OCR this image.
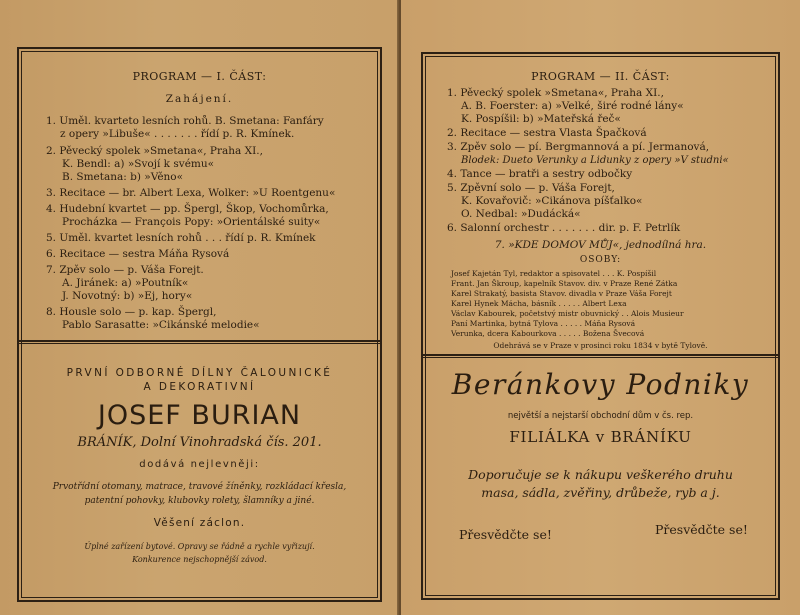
PROGRAM — I. ČÁST:
Zahájení.
1. Uměl. kvarteto lesních rohů. B. Smetana: Fanfáry
z opery »Libuše« . . . . . . . řídí p. R. Kmínek.
2. Pěvecký spolek »Smetana«, Praha XI.,
K. Bendl: a) »Svojí k svému«
B. Smetana: b) »Věno«
3. Recitace — br. Albert Lexa, Wolker: »U Roentgenu«
4. Hudební kvartet — pp. Špergl, Škop, Vochomůrka,
Procházka — François Popy: »Orientálské suity«
5. Uměl. kvartet lesních rohů . . . řídí p. R. Kmínek
6. Recitace — sestra Máňa Rysová
7. Zpěv solo — p. Váša Forejt.
A. Jiránek: a) »Poutník«
J. Novotný: b) »Ej, hory«
8. Housle solo — p. kap. Špergl,
Pablo Sarasatte: »Cikánské melodie«
PRVNÍ ODBORNÉ DÍLNY ČALOUNICKÉ
A DEKORATIVNÍ
JOSEF BURIAN
BRÁNÍK, Dolní Vinohradská čís. 201.
dodává nejlevněji:
Prvotřídní otomany, matrace, travové žíněnky, rozkládací křesla,
patentní pohovky, klubovky rolety, šlamníky a jiné.
Věšení záclon.
Úplné zařízení bytové. Opravy se řádně a rychle vyřizují.
Konkurence nejschopnější závod.
PROGRAM — II. ČÁST:
1. Pěvecký spolek »Smetana«, Praha XI.,
A. B. Foerster: a) »Velké, širé rodné lány«
K. Pospíšil: b) »Mateřská řeč«
2. Recitace — sestra Vlasta Špačková
3. Zpěv solo — pí. Bergmannová a pí. Jermanová,
Blodek: Dueto Verunky a Lidunky z opery »V studni«
4. Tance — bratři a sestry odbočky
5. Zpěvní solo — p. Váša Forejt,
K. Kovařovič: »Cikánova píšťalko«
O. Nedbal: »Dudácká«
6. Salonní orchestr . . . . . . . dir. p. F. Petrlík
7. »KDE DOMOV MŮJ«, jednodílná hra.
OSOBY:
Josef Kajetán Tyl, redaktor a spisovatel . . . K. Pospíšil
Frant. Jan Škroup, kapelník Stavov. div. v Praze René Zátka
Karel Strakatý, basista Stavov. divadla v Praze Váša Forejt
Karel Hynek Mácha, básník . . . . . Albert Lexa
Václav Kabourek, početstvý mistr obuvnický . . Alois Musieur
Paní Martinka, bytná Tylova . . . . . Máňa Rysová
Verunka, dcera Kabourkova . . . . . Božena Švecová
Odehrává se v Praze v prosinci roku 1834 v bytě Tylově.
Beránkovy Podniky
největší a nejstarší obchodní dům v čs. rep.
FILIÁLKA v BRÁNÍKU
Doporučuje se k nákupu veškerého druhu
masa, sádla, zvěřiny, drůbeže, ryb a j.
Přesvědčte se!	Přesvědčte se!
